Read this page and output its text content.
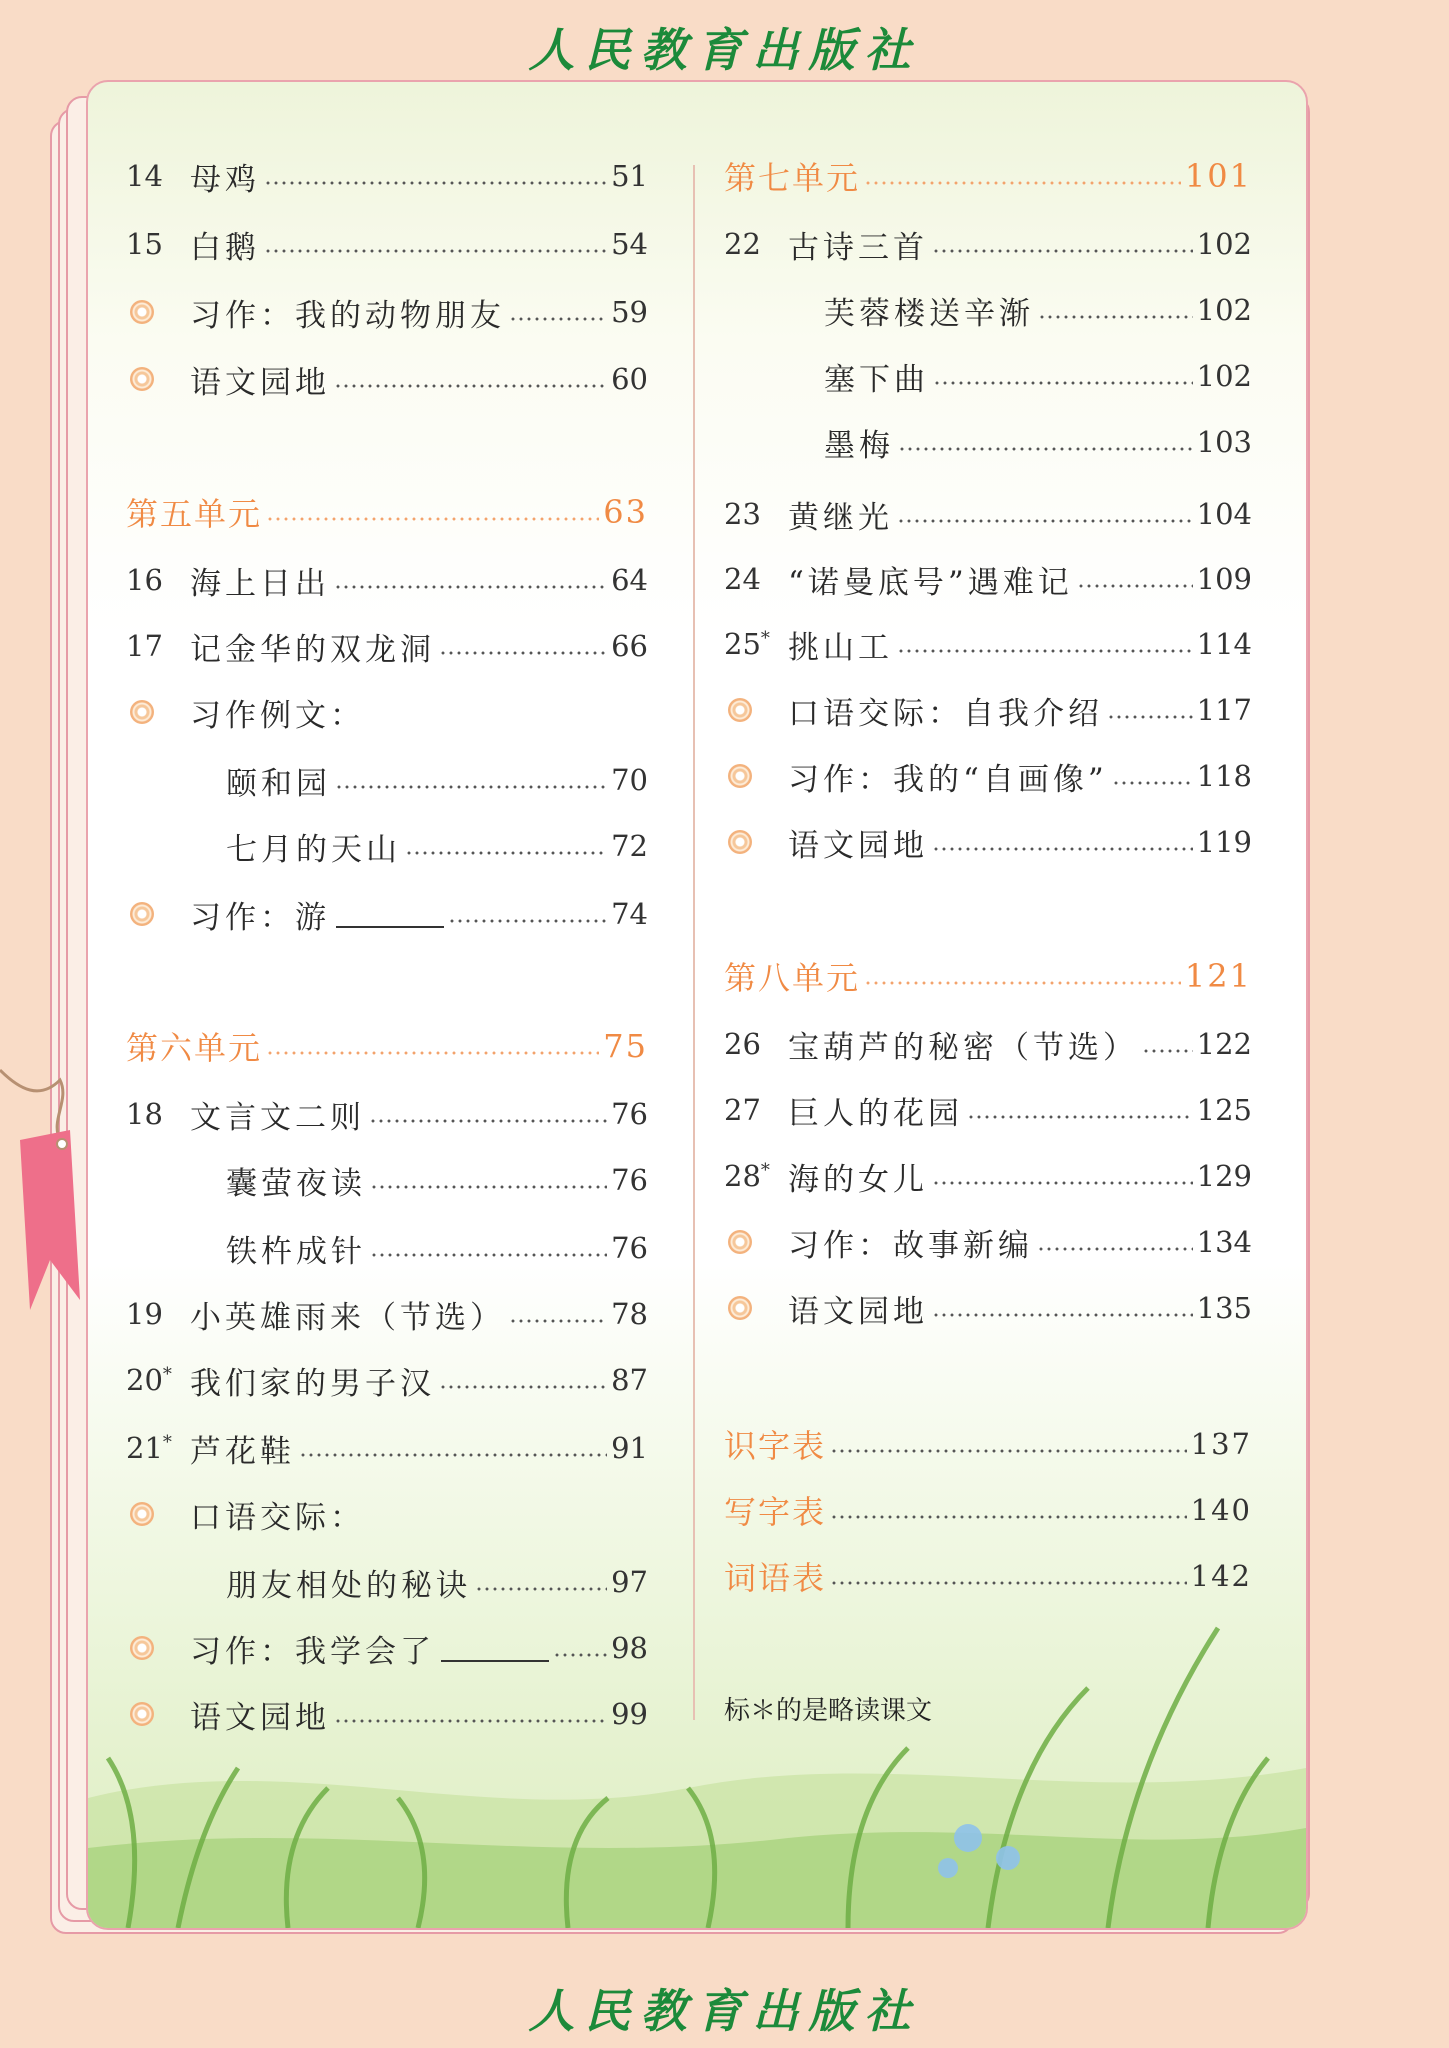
人民教育出版社
14 母鸡	51
15 白鹅	54
习作：我的动物朋友	59
语文园地	60
第五单元	63
16 海上日出	64
17 记金华的双龙洞	66
习作例文：
颐和园	70
七月的天山	72
习作：游	74
第六单元	75
18 文言文二则	76
囊萤夜读	76
铁杵成针	76
19 小英雄雨来（节选）	78
20* 我们家的男子汉	87
21* 芦花鞋	91
口语交际：
朋友相处的秘诀	97
习作：我学会了	98
语文园地	99
第七单元	101
22 古诗三首	102
芙蓉楼送辛渐	102
塞下曲	102
墨梅	103
23 黄继光	104
24 “诺曼底号”遇难记	109
25* 挑山工	114
口语交际：自我介绍	117
习作：我的“自画像”	118
语文园地	119
第八单元	121
26 宝葫芦的秘密（节选） 122
27 巨人的花园	125
28* 海的女儿	129
习作：故事新编	134
语文园地	135
识字表	137
写字表	140
词语表	142
标＊的是略读课文
人民教育出版社
